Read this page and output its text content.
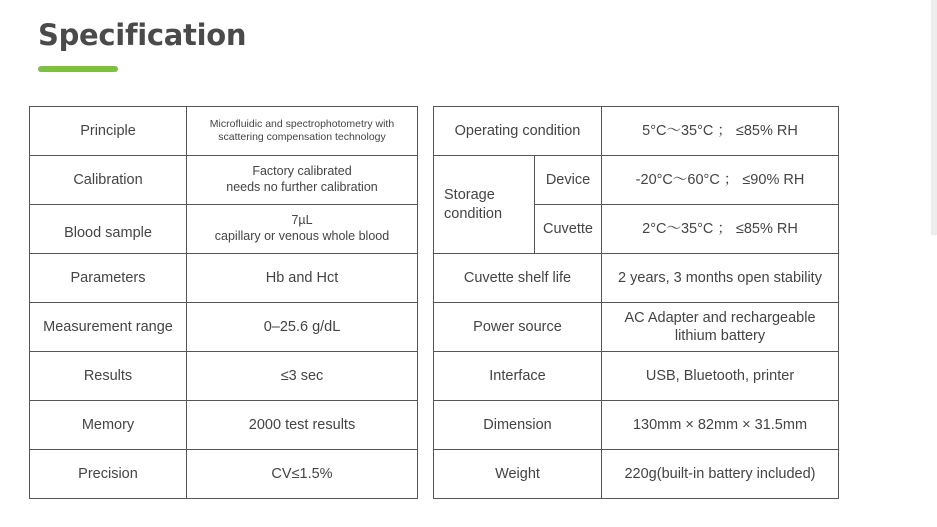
Specification
Principle	Microfluidic and spectrophotometry with
scattering compensation technology

Calibration	Factory calibrated
needs no further calibration

Blood sample	7µL
capillary or venous whole blood

Parameters	Hb and Hct
Measurement range	0–25.6 g/dL
Results	≤3 sec
Memory	2000 test results
Precision	CV≤1.5%
Operating condition		5°C～35°C ； ≤85% RH

Storage
condition	Device	-20°C～60°C ； ≤90% RH
	Cuvette	2°C～35°C ； ≤85% RH
Cuvette shelf life		2 years, 3 months open stability
Power source		AC Adapter and rechargeable
lithium battery

Interface		USB, Bluetooth, printer
Dimension		130mm × 82mm × 31.5mm
Weight		220g(built-in battery included)
